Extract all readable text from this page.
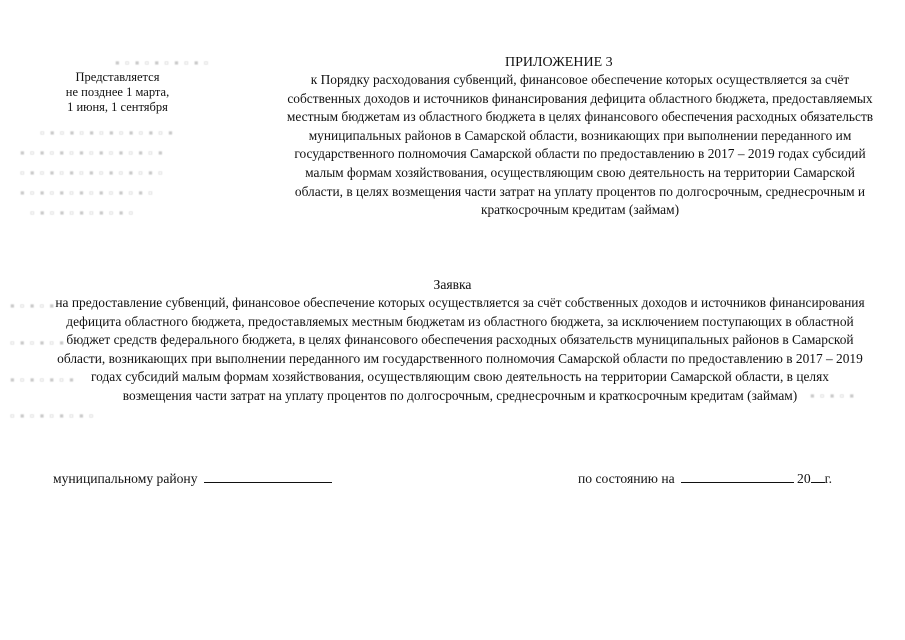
▪ ▫ ▪ ▫ ▪ ▫ ▪ ▫ ▪ ▫
▫ ▪ ▫ ▪ ▫ ▪ ▫ ▪ ▫ ▪ ▫ ▪ ▫ ▪
▪ ▫ ▪ ▫ ▪ ▫ ▪ ▫ ▪ ▫ ▪ ▫ ▪ ▫ ▪
▫ ▪ ▫ ▪ ▫ ▪ ▫ ▪ ▫ ▪ ▫ ▪ ▫ ▪ ▫
▪ ▫ ▪ ▫ ▪ ▫ ▪ ▫ ▪ ▫ ▪ ▫ ▪ ▫
▫ ▪ ▫ ▪ ▫ ▪ ▫ ▪ ▫ ▪ ▫
▪ ▫ ▪ ▫ ▪
▫ ▪ ▫ ▪ ▫ ▪
▪ ▫ ▪ ▫ ▪ ▫ ▪
▫ ▪ ▫ ▪ ▫ ▪ ▫ ▪ ▫
▪ ▫ ▪ ▫ ▪
Представляется
не позднее 1 марта,
1 июня, 1 сентября
ПРИЛОЖЕНИЕ 3
к Порядку расходования субвенций, финансовое обеспечение которых осуществляется за счёт собственных доходов и источников финансирования дефицита областного бюджета, предоставляемых местным бюджетам из областного бюджета в целях финансового обеспечения расходных обязательств муниципальных районов в Самарской области, возникающих при выполнении переданного им государственного полномочия Самарской области по предоставлению в 2017 – 2019 годах субсидий малым формам хозяйствования, осуществляющим свою деятельность на территории Самарской области, в целях возмещения части затрат на уплату процентов по долгосрочным, среднесрочным и краткосрочным кредитам (займам)
Заявка
на предоставление субвенций, финансовое обеспечение которых осуществляется за счёт собственных доходов и источников финансирования дефицита областного бюджета, предоставляемых местным бюджетам из областного бюджета, за исключением поступающих в областной бюджет средств федерального бюджета, в целях финансового обеспечения расходных обязательств муниципальных районов в Самарской области, возникающих при выполнении переданного им государственного полномочия Самарской области по предоставлению в 2017 – 2019 годах субсидий малым формам хозяйствования, осуществляющим свою деятельность на территории Самарской области, в целях возмещения части затрат на уплату процентов по долгосрочным, среднесрочным и краткосрочным кредитам (займам)
муниципальному району	по состоянию на	20 г.
